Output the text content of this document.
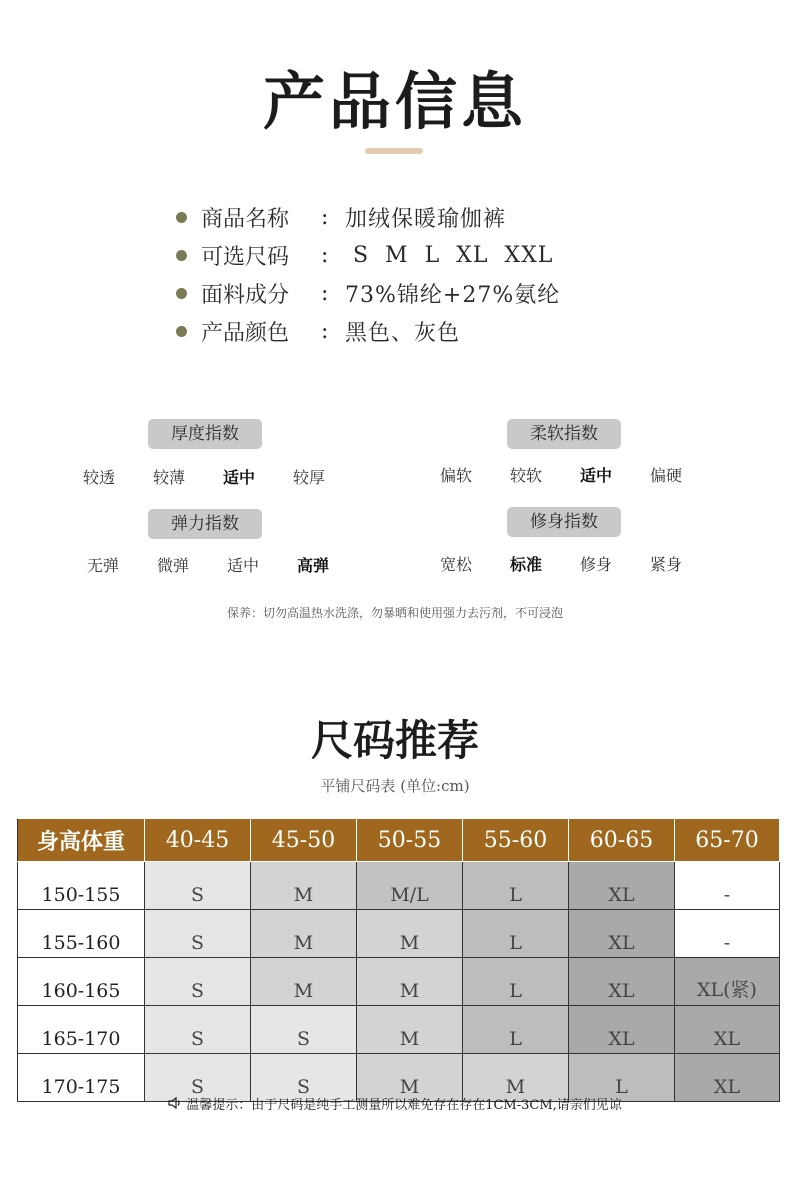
产品信息
商品名称	: 加绒保暖瑜伽裤
可选尺码	: S  M  L  XL  XXL
面料成分	: 73%锦纶+27%氨纶
产品颜色	: 黑色、灰色
厚度指数
较透	较薄	适中	较厚
柔软指数
偏软	较软	适中	偏硬
弹力指数
无弹	微弹	适中	高弹
修身指数
宽松	标准	修身	紧身
保养：切勿高温热水洗涤，勿暴晒和使用强力去污剂，不可浸泡
尺码推荐
平铺尺码表 (单位:cm)
身高体重	40-45	45-50	50-55	55-60	60-65	65-70
150-155	S	M	M/L	L	XL	-
155-160	S	M	M	L	XL	-
160-165	S	M	M	L	XL	XL(紧)
165-170	S	S	M	L	XL	XL
170-175	S	S	M	M	L	XL
温馨提示：由于尺码是纯手工测量所以难免存在存在1CM-3CM,请亲们见谅
